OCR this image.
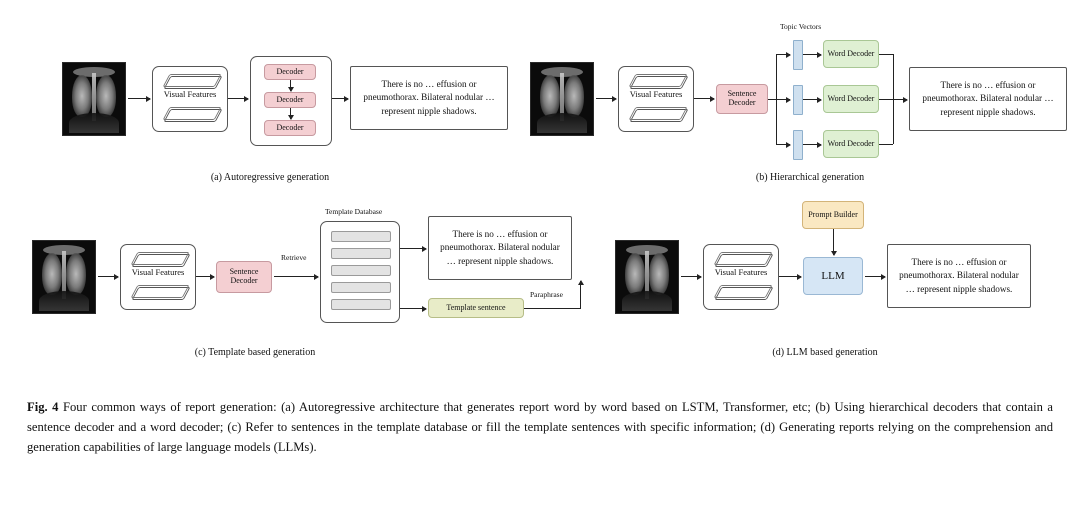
Visual Features
Decoder
Decoder
Decoder
There is no … effusion or pneumothorax. Bilateral nodular … represent nipple shadows.
(a) Autoregressive generation
Visual Features	Sentence Decoder
Topic Vectors
Word Decoder
Word Decoder
Word Decoder
There is no … effusion or pneumothorax. Bilateral nodular … represent nipple shadows.
(b) Hierarchical generation
Visual Features	Sentence Decoder
Retrieve
Template Database
There is no … effusion or pneumothorax. Bilateral nodular … represent nipple shadows.
Template sentence
Paraphrase
(c) Template based generation
Visual Features
Prompt Builder
LLM
There is no … effusion or pneumothorax. Bilateral nodular … represent nipple shadows.
(d) LLM based generation
Fig. 4 Four common ways of report generation: (a) Autoregressive architecture that generates report word by word based on LSTM, Transformer, etc; (b) Using hierarchical decoders that contain a sentence decoder and a word decoder; (c) Refer to sentences in the template database or fill the template sentences with specific information; (d) Generating reports relying on the comprehension and generation capabilities of large language models (LLMs).
